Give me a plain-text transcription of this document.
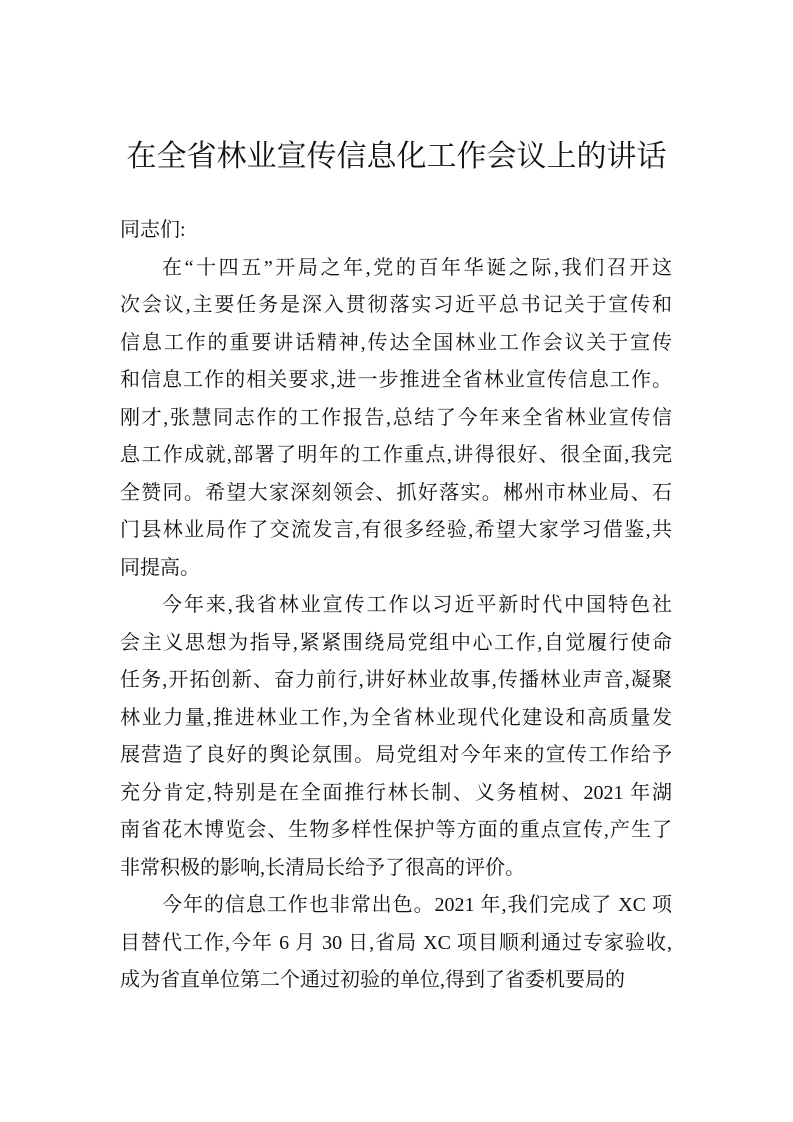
在全省林业宣传信息化工作会议上的讲话
同志们:
在“十四五”开局之年,党的百年华诞之际,我们召开这
次会议,主要任务是深入贯彻落实习近平总书记关于宣传和
信息工作的重要讲话精神,传达全国林业工作会议关于宣传
和信息工作的相关要求,进一步推进全省林业宣传信息工作。
刚才,张慧同志作的工作报告,总结了今年来全省林业宣传信
息工作成就,部署了明年的工作重点,讲得很好、很全面,我完
全赞同。希望大家深刻领会、抓好落实。郴州市林业局、石
门县林业局作了交流发言,有很多经验,希望大家学习借鉴,共
同提高。
今年来,我省林业宣传工作以习近平新时代中国特色社
会主义思想为指导,紧紧围绕局党组中心工作,自觉履行使命
任务,开拓创新、奋力前行,讲好林业故事,传播林业声音,凝聚
林业力量,推进林业工作,为全省林业现代化建设和高质量发
展营造了良好的舆论氛围。局党组对今年来的宣传工作给予
充分肯定,特别是在全面推行林长制、义务植树、2021 年湖
南省花木博览会、生物多样性保护等方面的重点宣传,产生了
非常积极的影响,长清局长给予了很高的评价。
今年的信息工作也非常出色。2021 年,我们完成了 XC 项
目替代工作,今年 6 月 30 日,省局 XC 项目顺利通过专家验收,
成为省直单位第二个通过初验的单位,得到了省委机要局的
